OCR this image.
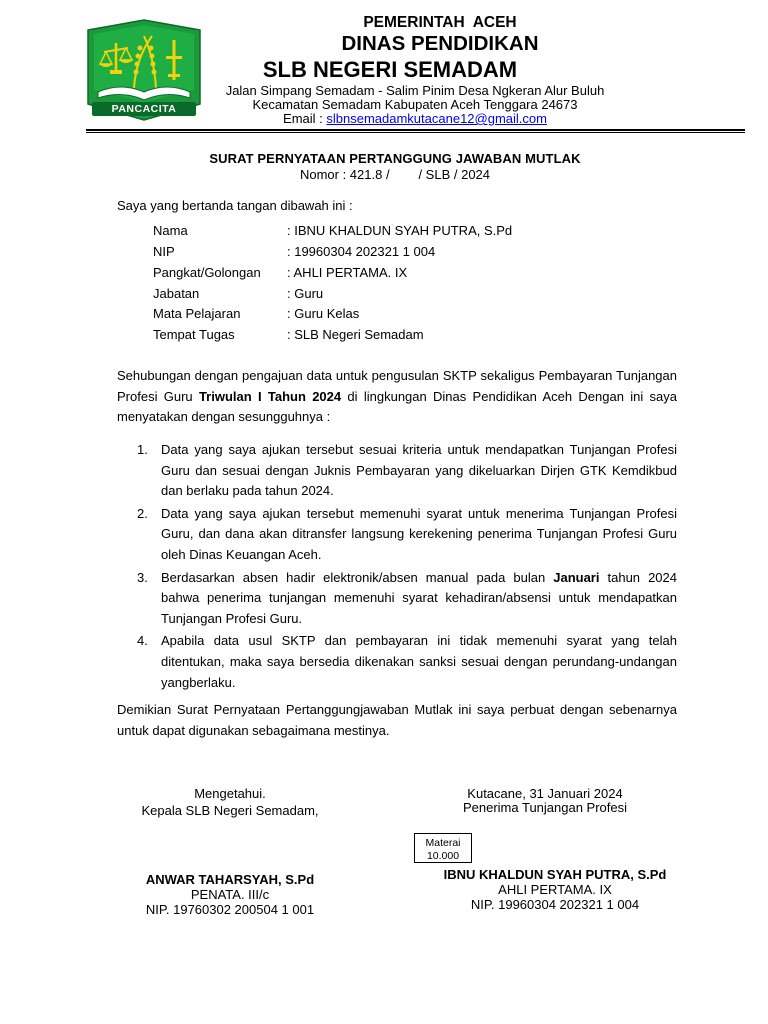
PANCACITA
PEMERINTAH  ACEH
DINAS PENDIDIKAN
SLB NEGERI SEMADAM
Jalan Simpang Semadam - Salim Pinim Desa Ngkeran Alur Buluh
Kecamatan Semadam Kabupaten Aceh Tenggara 24673
Email : slbnsemadamkutacane12@gmail.com
SURAT PERNYATAAN PERTANGGUNG JAWABAN MUTLAK
Nomor : 421.8 /        / SLB / 2024
Saya yang bertanda tangan dibawah ini :
Nama	: IBNU KHALDUN SYAH PUTRA, S.Pd
NIP	: 19960304 202321 1 004
Pangkat/Golongan : AHLI PERTAMA. IX
Jabatan	: Guru
Mata Pelajaran	: Guru Kelas
Tempat Tugas	: SLB Negeri Semadam
Sehubungan dengan pengajuan data untuk pengusulan SKTP sekaligus Pembayaran Tunjangan Profesi Guru Triwulan I Tahun 2024 di lingkungan Dinas Pendidikan Aceh Dengan ini saya menyatakan dengan sesungguhnya :
1. Data yang saya ajukan tersebut sesuai kriteria untuk mendapatkan Tunjangan Profesi Guru dan sesuai dengan Juknis Pembayaran yang dikeluarkan Dirjen GTK Kemdikbud dan berlaku pada tahun 2024.
2. Data yang saya ajukan tersebut memenuhi syarat untuk menerima Tunjangan Profesi Guru, dan dana akan ditransfer langsung kerekening penerima Tunjangan Profesi Guru oleh Dinas Keuangan Aceh.
3. Berdasarkan absen hadir elektronik/absen manual pada bulan Januari tahun 2024 bahwa penerima tunjangan memenuhi syarat kehadiran/absensi untuk mendapatkan Tunjangan Profesi Guru.
4. Apabila data usul SKTP dan pembayaran ini tidak memenuhi syarat yang telah ditentukan, maka saya bersedia dikenakan sanksi sesuai dengan perundang-undangan yangberlaku.
Demikian Surat Pernyataan Pertanggungjawaban Mutlak ini saya perbuat dengan sebenarnya untuk dapat digunakan sebagaimana mestinya.
Mengetahui.
Kepala SLB Negeri Semadam,
ANWAR TAHARSYAH, S.Pd
PENATA. III/c
NIP. 19760302 200504 1 001
Kutacane, 31 Januari 2024
Penerima Tunjangan Profesi
Materai
10.000
IBNU KHALDUN SYAH PUTRA, S.Pd
AHLI PERTAMA. IX
NIP. 19960304 202321 1 004
